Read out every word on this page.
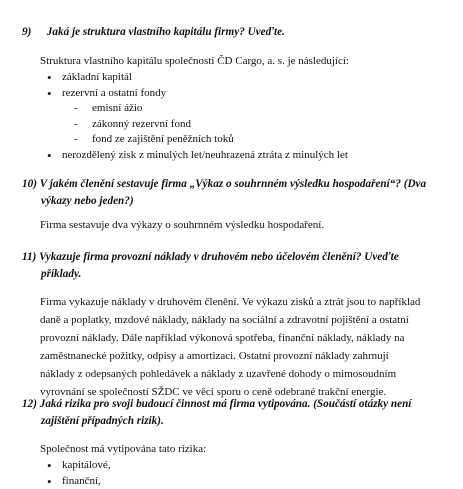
9) Jaká je struktura vlastního kapitálu firmy? Uveďte.
Struktura vlastního kapitálu společnosti ČD Cargo, a. s. je následující:
• základní kapitál
• rezervní a ostatní fondy
- emisní ážio
- zákonný rezervní fond
- fond ze zajištění peněžních toků
• nerozdělený zisk z minulých let/neuhrazená ztráta z minulých let
10) V jakém členění sestavuje firma „Výkaz o souhrnném výsledku hospodaření“? (Dva
výkazy nebo jeden?)
Firma sestavuje dva výkazy o souhrnném výsledku hospodaření.
11) Vykazuje firma provozní náklady v druhovém nebo účelovém členění? Uveďte
příklady.
Firma vykazuje náklady v druhovém členění. Ve výkazu zisků a ztrát jsou to například
daně a poplatky, mzdové náklady, náklady na sociální a zdravotní pojištění a ostatní
provozní náklady. Dále například výkonová spotřeba, finanční náklady, náklady na
zaměstnanecké požitky, odpisy a amortizaci. Ostatní provozní náklady zahrnují
náklady z odepsaných pohledávek a náklady z uzavřené dohody o mimosoudním
vyrovnání se společností SŽDC ve věci sporu o ceně odebrané trakční energie.
12) Jaká rizika pro svoji budoucí činnost má firma vytipována. (Součástí otázky není
zajištění případných rizik).
Společnost má vytipována tato rizika:
• kapitálové,
• finanční,
